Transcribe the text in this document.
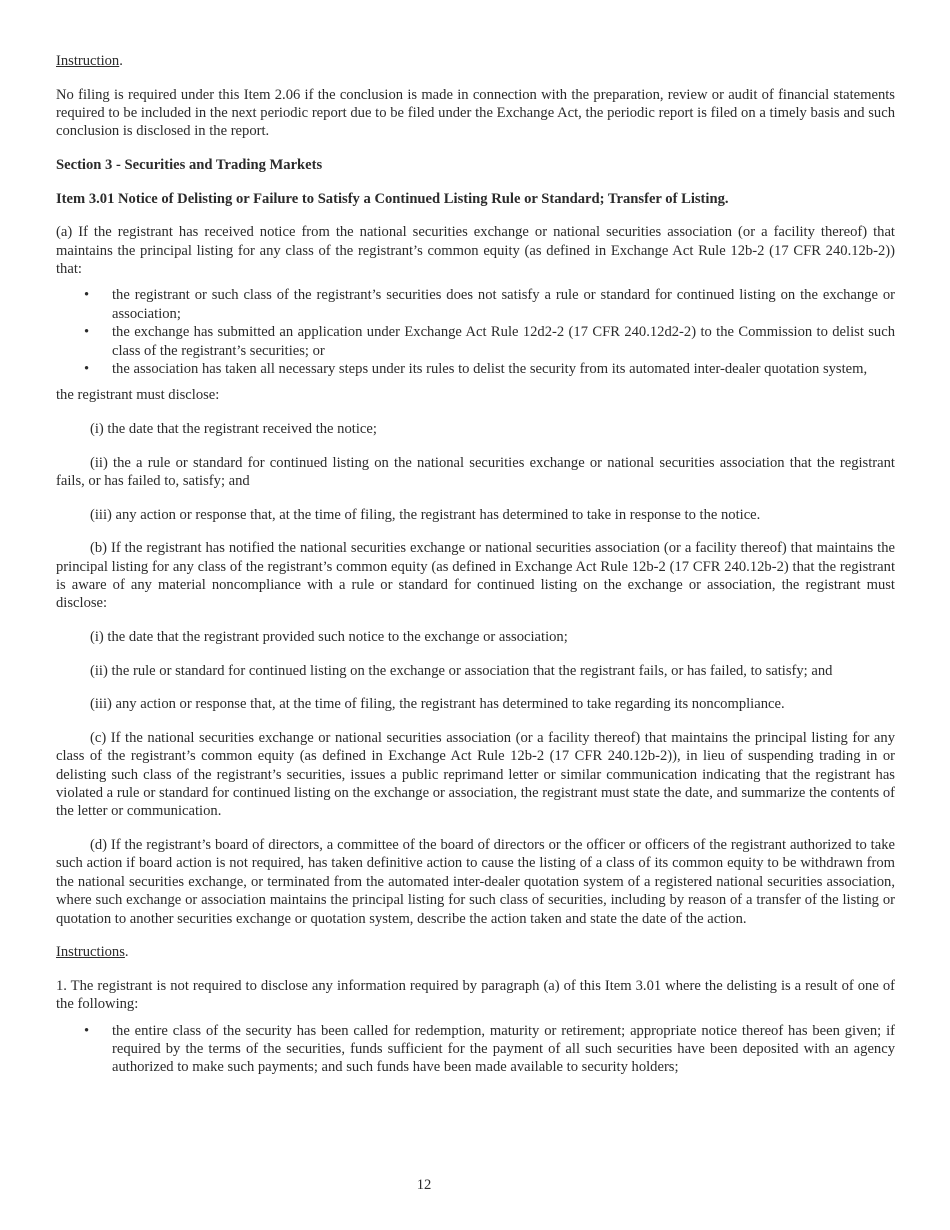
Instruction.

No filing is required under this Item 2.06 if the conclusion is made in connection with the preparation, review or audit of financial statements required to be included in the next periodic report due to be filed under the Exchange Act, the periodic report is filed on a timely basis and such conclusion is disclosed in the report.

Section 3 - Securities and Trading Markets

Item 3.01 Notice of Delisting or Failure to Satisfy a Continued Listing Rule or Standard; Transfer of Listing.

(a) If the registrant has received notice from the national securities exchange or national securities association (or a facility thereof) that maintains the principal listing for any class of the registrant’s common equity (as defined in Exchange Act Rule 12b-2 (17 CFR 240.12b-2)) that:

• the registrant or such class of the registrant’s securities does not satisfy a rule or standard for continued listing on the exchange or association;
• the exchange has submitted an application under Exchange Act Rule 12d2-2 (17 CFR 240.12d2-2) to the Commission to delist such class of the registrant’s securities; or
• the association has taken all necessary steps under its rules to delist the security from its automated inter-dealer quotation system,

the registrant must disclose:

(i) the date that the registrant received the notice;

(ii) the a rule or standard for continued listing on the national securities exchange or national securities association that the registrant fails, or has failed to, satisfy; and

(iii) any action or response that, at the time of filing, the registrant has determined to take in response to the notice.

(b) If the registrant has notified the national securities exchange or national securities association (or a facility thereof) that maintains the principal listing for any class of the registrant’s common equity (as defined in Exchange Act Rule 12b-2 (17 CFR 240.12b-2) that the registrant is aware of any material noncompliance with a rule or standard for continued listing on the exchange or association, the registrant must disclose:

(i) the date that the registrant provided such notice to the exchange or association;

(ii) the rule or standard for continued listing on the exchange or association that the registrant fails, or has failed, to satisfy; and

(iii) any action or response that, at the time of filing, the registrant has determined to take regarding its noncompliance.

(c) If the national securities exchange or national securities association (or a facility thereof) that maintains the principal listing for any class of the registrant’s common equity (as defined in Exchange Act Rule 12b-2 (17 CFR 240.12b-2)), in lieu of suspending trading in or delisting such class of the registrant’s securities, issues a public reprimand letter or similar communication indicating that the registrant has violated a rule or standard for continued listing on the exchange or association, the registrant must state the date, and summarize the contents of the letter or communication.

(d) If the registrant’s board of directors, a committee of the board of directors or the officer or officers of the registrant authorized to take such action if board action is not required, has taken definitive action to cause the listing of a class of its common equity to be withdrawn from the national securities exchange, or terminated from the automated inter-dealer quotation system of a registered national securities association, where such exchange or association maintains the principal listing for such class of securities, including by reason of a transfer of the listing or quotation to another securities exchange or quotation system, describe the action taken and state the date of the action.

Instructions.

1. The registrant is not required to disclose any information required by paragraph (a) of this Item 3.01 where the delisting is a result of one of the following:

• the entire class of the security has been called for redemption, maturity or retirement; appropriate notice thereof has been given; if required by the terms of the securities, funds sufficient for the payment of all such securities have been deposited with an agency authorized to make such payments; and such funds have been made available to security holders;
12
